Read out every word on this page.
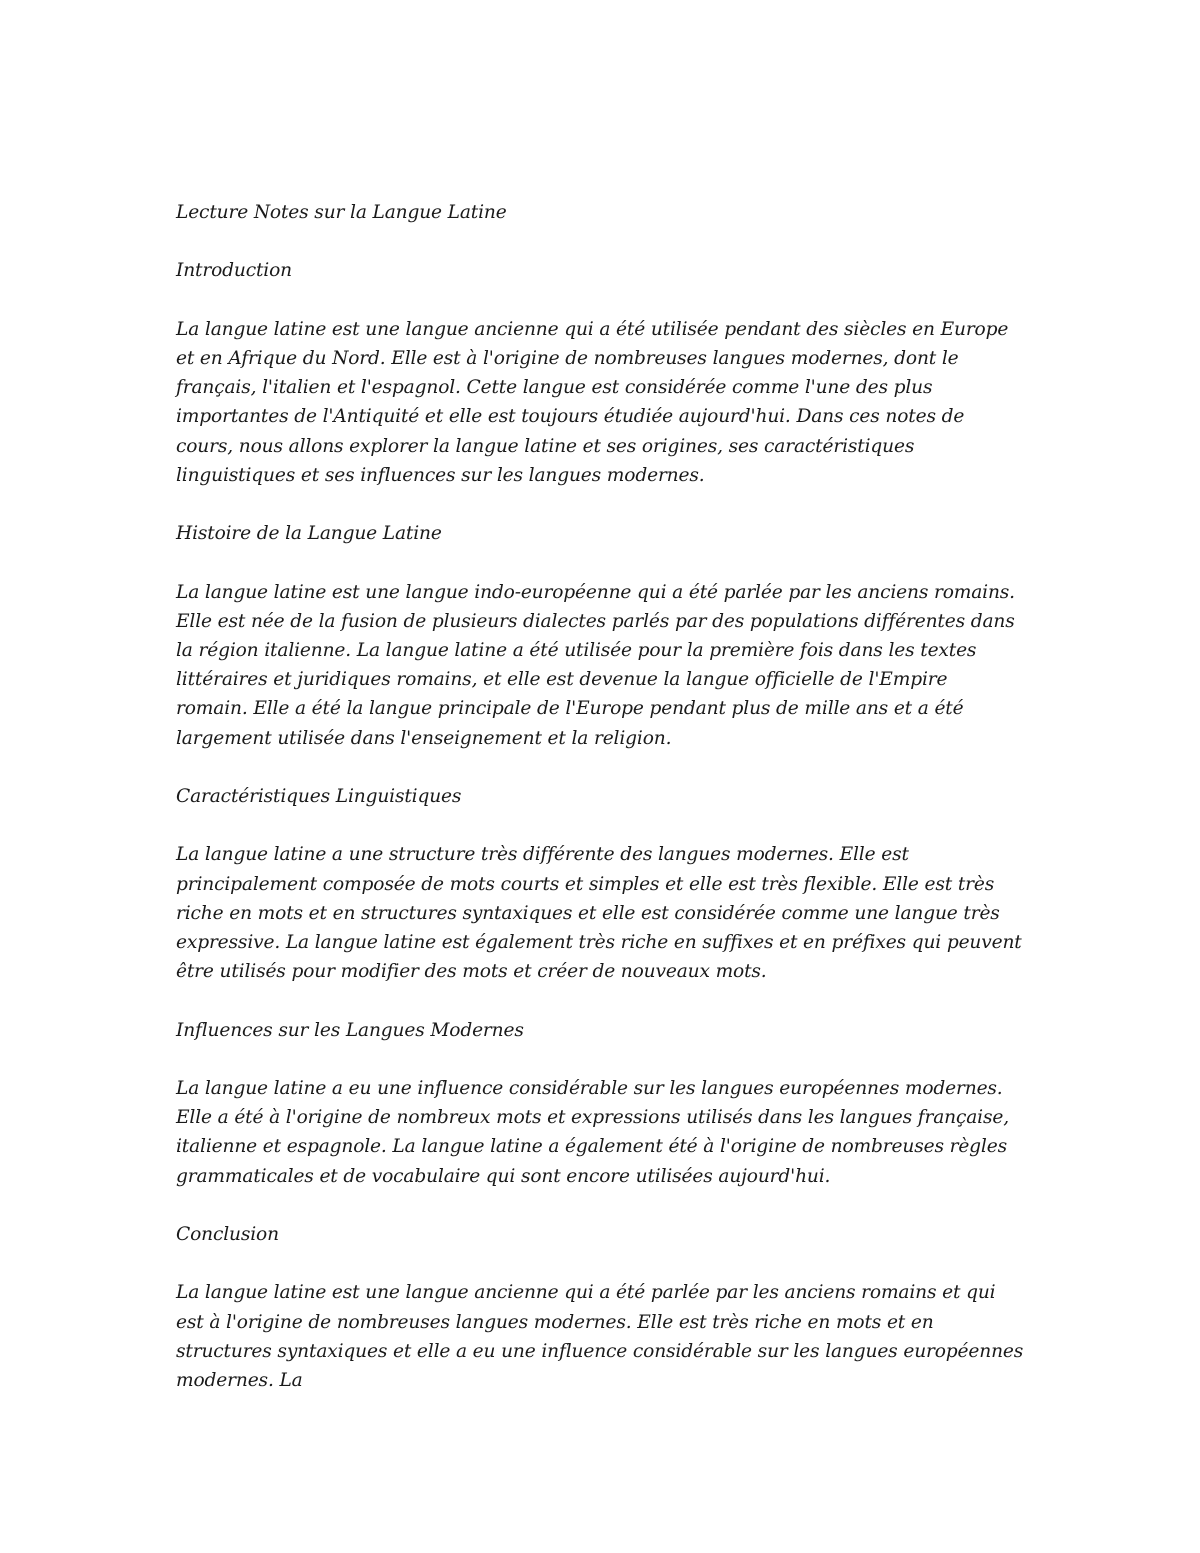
Lecture Notes sur la Langue Latine

Introduction

La langue latine est une langue ancienne qui a été utilisée pendant des siècles en Europe et en Afrique du Nord. Elle est à l'origine de nombreuses langues modernes, dont le français, l'italien et l'espagnol. Cette langue est considérée comme l'une des plus importantes de l'Antiquité et elle est toujours étudiée aujourd'hui. Dans ces notes de cours, nous allons explorer la langue latine et ses origines, ses caractéristiques linguistiques et ses influences sur les langues modernes.

Histoire de la Langue Latine

La langue latine est une langue indo-européenne qui a été parlée par les anciens romains. Elle est née de la fusion de plusieurs dialectes parlés par des populations différentes dans la région italienne. La langue latine a été utilisée pour la première fois dans les textes littéraires et juridiques romains, et elle est devenue la langue officielle de l'Empire romain. Elle a été la langue principale de l'Europe pendant plus de mille ans et a été largement utilisée dans l'enseignement et la religion.

Caractéristiques Linguistiques

La langue latine a une structure très différente des langues modernes. Elle est principalement composée de mots courts et simples et elle est très flexible. Elle est très riche en mots et en structures syntaxiques et elle est considérée comme une langue très expressive. La langue latine est également très riche en suffixes et en préfixes qui peuvent être utilisés pour modifier des mots et créer de nouveaux mots.

Influences sur les Langues Modernes

La langue latine a eu une influence considérable sur les langues européennes modernes. Elle a été à l'origine de nombreux mots et expressions utilisés dans les langues française, italienne et espagnole. La langue latine a également été à l'origine de nombreuses règles grammaticales et de vocabulaire qui sont encore utilisées aujourd'hui.

Conclusion

La langue latine est une langue ancienne qui a été parlée par les anciens romains et qui est à l'origine de nombreuses langues modernes. Elle est très riche en mots et en structures syntaxiques et elle a eu une influence considérable sur les langues européennes modernes. La
